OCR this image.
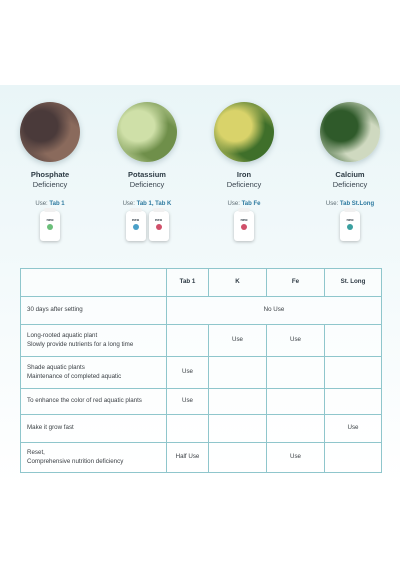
Phosphate
Deficiency
Use: Tab 1
neo
Potassium
Deficiency
Use: Tab 1, Tab K
neo	neo
Iron
Deficiency
Use: Tab Fe
neo
Calcium
Deficiency
Use: Tab St.Long
neo
	Tab 1	K	Fe	St. Long

30 days after setting	No Use			

Long-rooted aquatic plant
Slowly provide nutrients for a long time		Use	Use	

Shade aquatic plants
Maintenance of completed aquatic	Use			

To enhance the color of red aquatic plants	Use			

Make it grow fast				Use

Reset,
Comprehensive nutrition deficiency	Half Use		Use	
